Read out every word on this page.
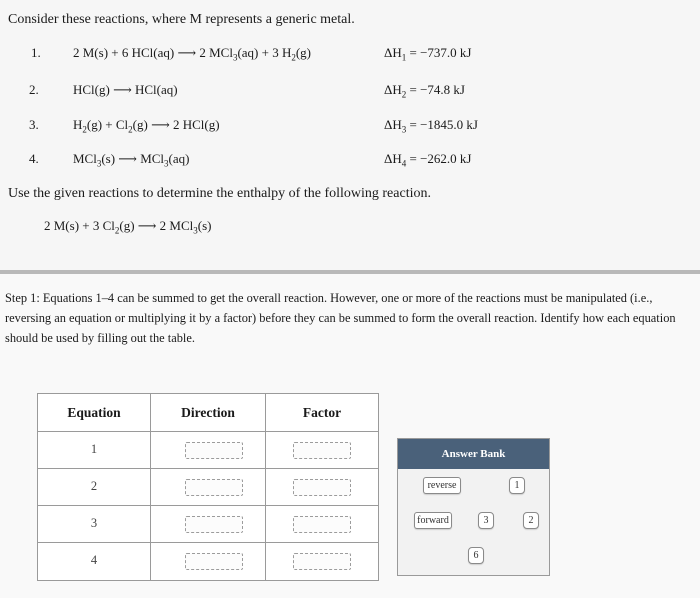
Consider these reactions, where M represents a generic metal.
1. 2 M(s) + 6 HCl(aq) ⟶ 2 MCl$_3$(aq) + 3 $H_2(g)$	$\Delta H_1 = -737.0$ kJ
2.	HCl(g) ⟶ HCl(aq)	$\Delta H_2 = -74.8$ kJ
3.	$H_2(g) + Cl_2(g)$ ⟶ 2 HCl(g)	$\Delta H_3 = -1845.0$ kJ
4.	MCl$_3$(s) ⟶ MCl$_3$(aq)	$\Delta H_4 = -262.0$ kJ
Use the given reactions to determine the enthalpy of the following reaction.
2 M(s) + 3 $Cl_2(g)$ ⟶ 2 MCl$_3$(s)
Step 1: Equations 1–4 can be summed to get the overall reaction. However, one or more of the reactions must be manipulated (i.e., reversing an equation or multiplying it by a factor) before they can be summed to form the overall reaction. Identify how each equation should be used by filling out the table.
Equation	Direction	Factor
1
2
3
4
Answer Bank
reverse	1
forward	3	2
6
